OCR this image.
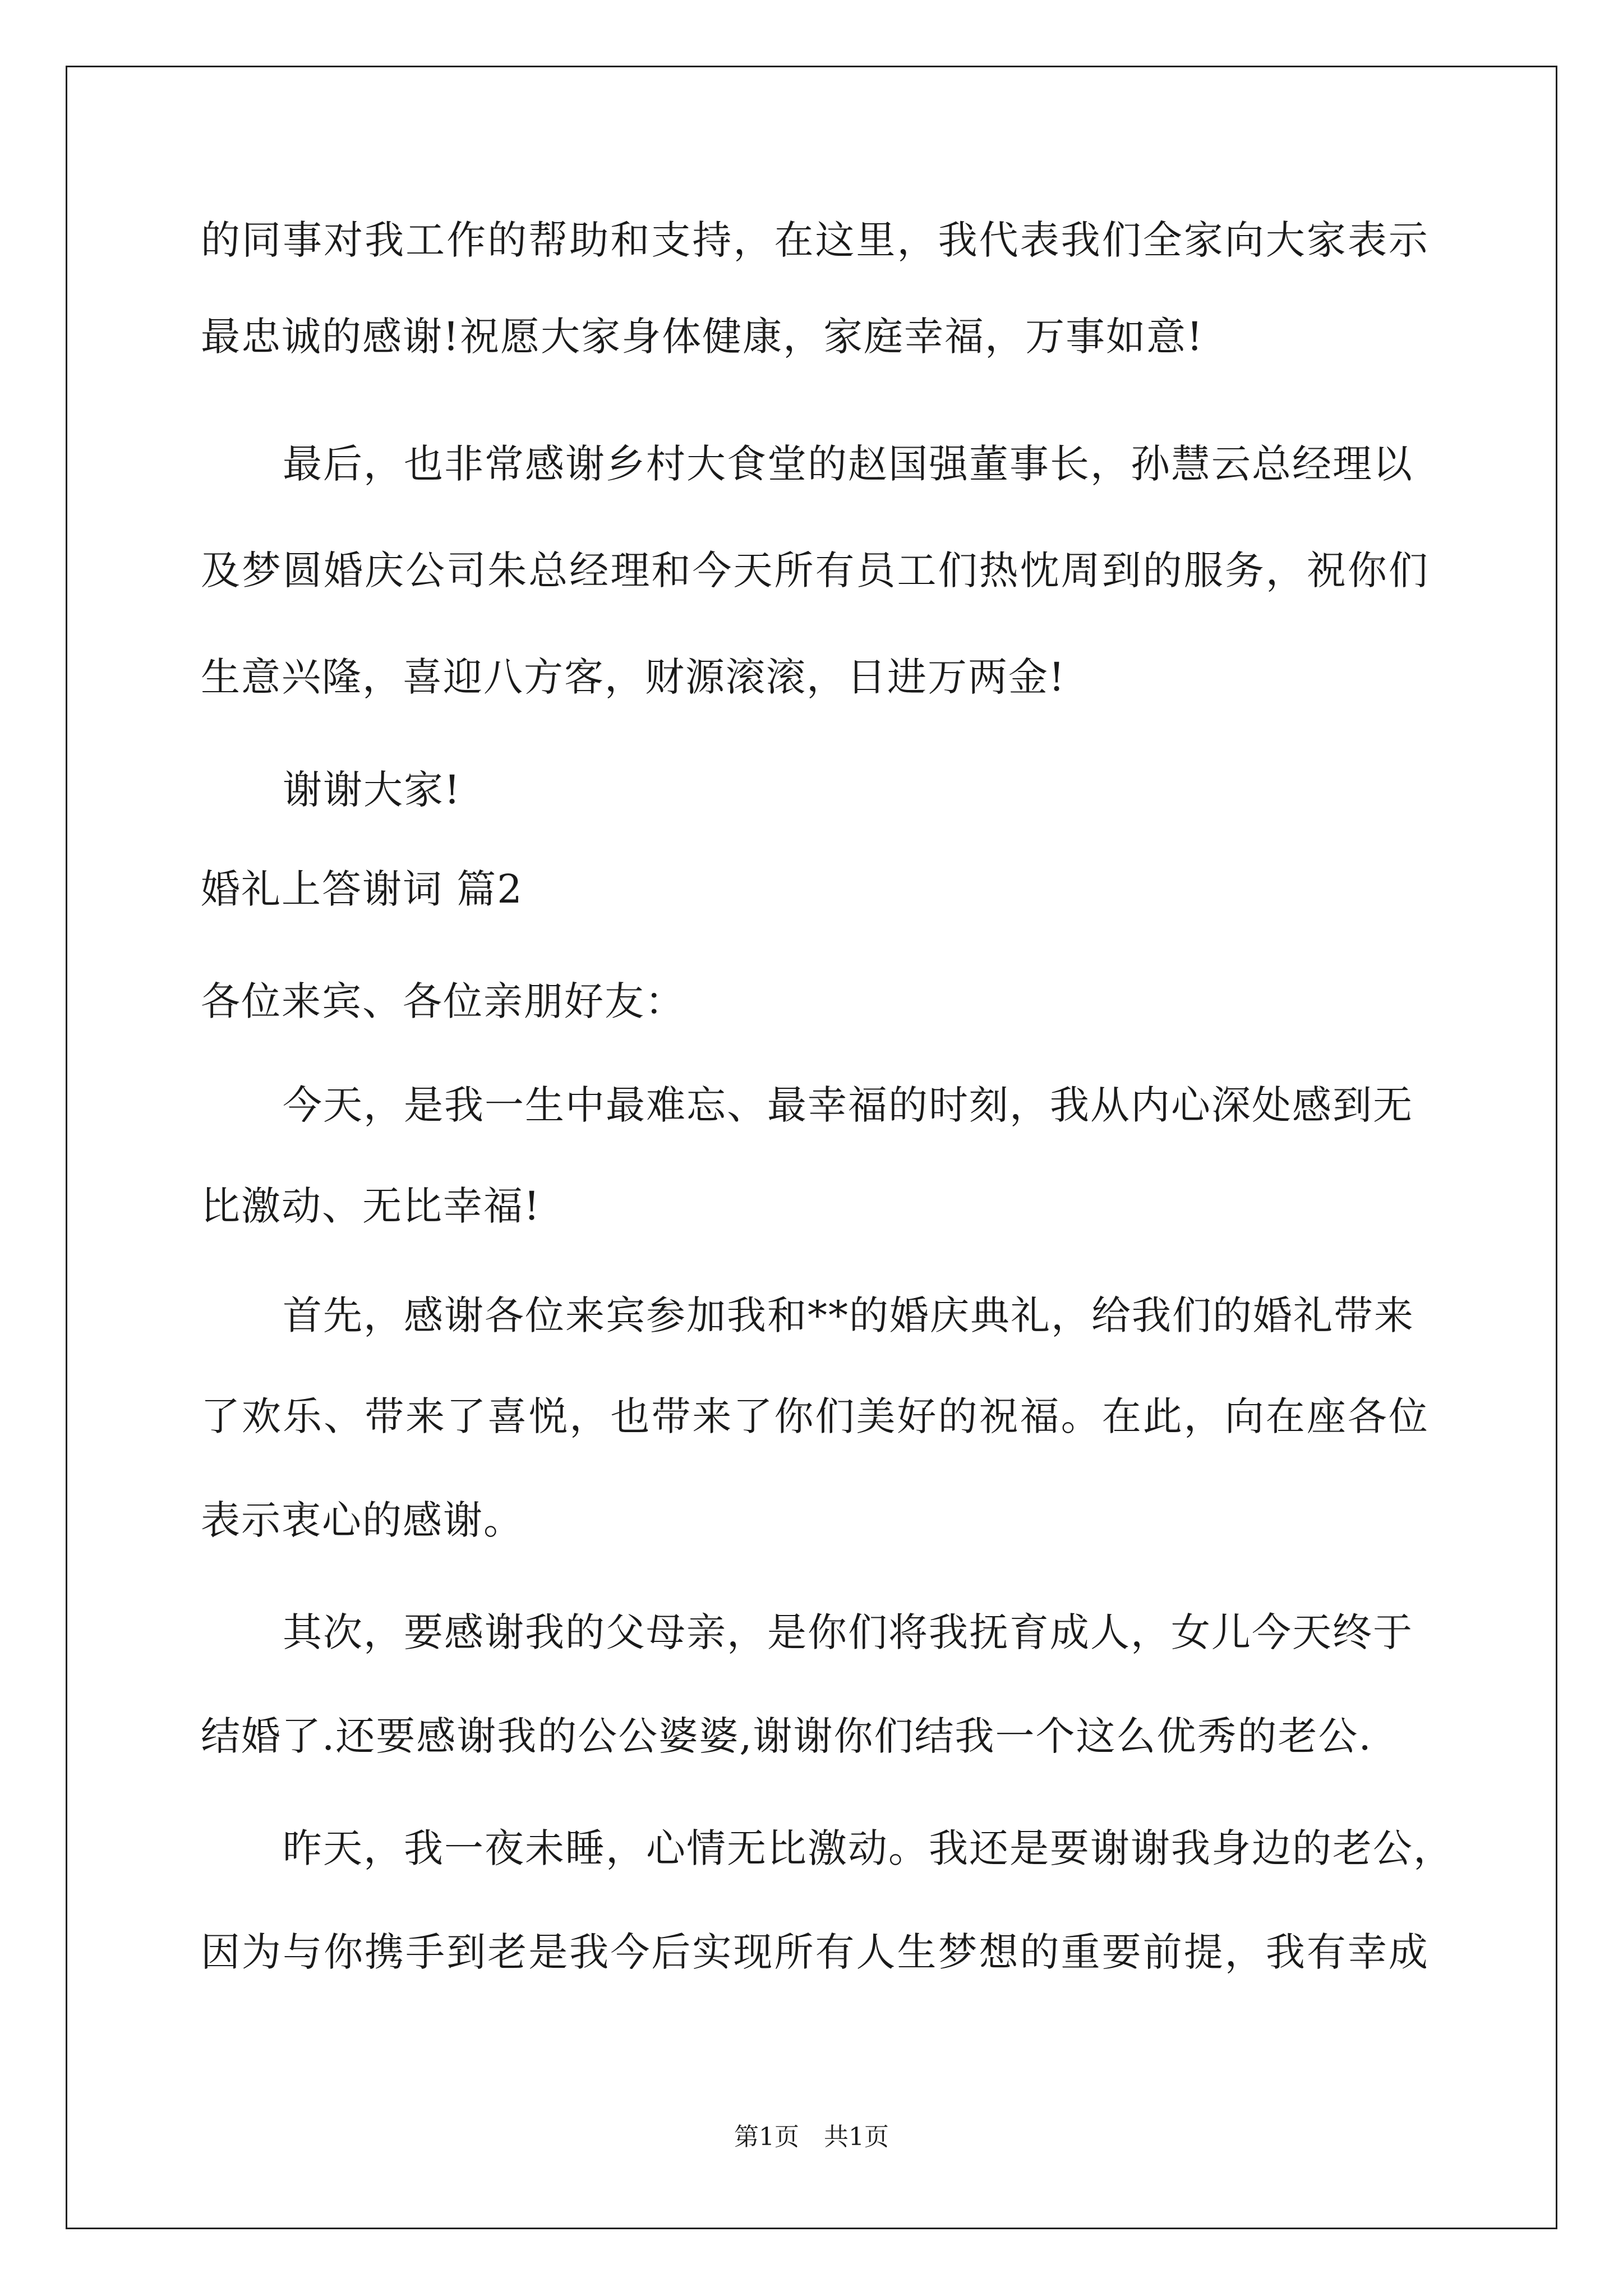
的 同 事 对 我 工 作 的 帮 助 和 支 持 ， 在 这 里 ， 我 代 表 我 们 全 家 向 大 家 表 示
最忠诚的感谢!祝愿大家身体健康，家庭幸福，万事如意!
最后，也非常感谢乡村大食堂的赵国强董事长，孙慧云总经理以
及 梦 圆 婚 庆 公 司 朱 总 经 理 和 今 天 所 有 员 工 们 热 忱 周 到 的 服 务 ， 祝 你 们
生意兴隆，喜迎八方客，财源滚滚，日进万两金!
谢谢大家!
婚礼上答谢词 篇2
各位来宾、各位亲朋好友：
今天，是我一生中最难忘、最幸福的时刻，我从内心深处感到无
比激动、无比幸福!
首先，感谢各位来宾参加我和**的婚庆典礼，给我们的婚礼带来
了 欢 乐 、 带 来 了 喜 悦 ， 也 带 来 了 你 们 美 好 的 祝 福 。 在 此 ， 向 在 座 各 位
表示衷心的感谢。
其次，要感谢我的父母亲，是你们将我抚育成人，女儿今天终于
结婚了.还要感谢我的公公婆婆,谢谢你们结我一个这么优秀的老公.
昨天，我一夜未睡，心情无比激动。我还是要谢谢我身边的老公，
因 为 与 你 携 手 到 老 是 我 今 后 实 现 所 有 人 生 梦 想 的 重 要 前 提 ， 我 有 幸 成
第1页　共1页
